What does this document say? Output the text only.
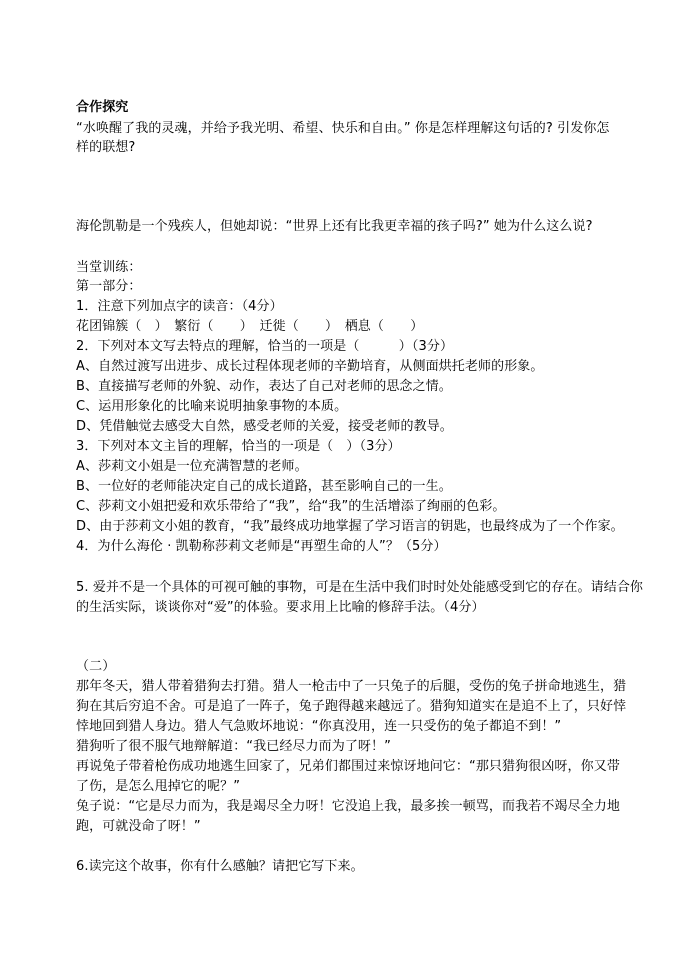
合作探究
“水唤醒了我的灵魂，并给予我光明、希望、快乐和自由。” 你是怎样理解这句话的? 引发你怎
样的联想?
海伦凯勒是一个残疾人，但她却说：“世界上还有比我更幸福的孩子吗?” 她为什么这么说?
当堂训练：
第一部分：
1．注意下列加点字的读音：（4分）
花团锦簇（　）　繁衍（　　）　迁徙（　　）　栖息（　　）
2．下列对本文写去特点的理解，恰当的一项是（　　　）（3分）
A、自然过渡写出进步、成长过程体现老师的辛勤培育，从侧面烘托老师的形象。
B、直接描写老师的外貌、动作，表达了自己对老师的思念之情。
C、运用形象化的比喻来说明抽象事物的本质。
D、凭借触觉去感受大自然，感受老师的关爱，接受老师的教导。
3．下列对本文主旨的理解，恰当的一项是（　）（3分）
A、莎莉文小姐是一位充满智慧的老师。
B、一位好的老师能决定自己的成长道路，甚至影响自己的一生。
C、莎莉文小姐把爱和欢乐带给了“我”，给“我”的生活增添了绚丽的色彩。
D、由于莎莉文小姐的教育，“我”最终成功地掌握了学习语言的钥匙，也最终成为了一个作家。
4．为什么海伦 · 凯勒称莎莉文老师是“再塑生命的人”？（5分）
5. 爱并不是一个具体的可视可触的事物，可是在生活中我们时时处处能感受到它的存在。请结合你
的生活实际，谈谈你对“爱”的体验。要求用上比喻的修辞手法。（4分）
（二）
那年冬天，猎人带着猎狗去打猎。猎人一枪击中了一只兔子的后腿，受伤的兔子拼命地逃生，猎
狗在其后穷追不舍。可是追了一阵子，兔子跑得越来越远了。猎狗知道实在是追不上了，只好悻
悻地回到猎人身边。猎人气急败坏地说：“你真没用，连一只受伤的兔子都追不到！”
猎狗听了很不服气地辩解道：“我已经尽力而为了呀！”
再说兔子带着枪伤成功地逃生回家了，兄弟们都围过来惊讶地问它：“那只猎狗很凶呀，你又带
了伤，是怎么甩掉它的呢？”
兔子说：“它是尽力而为，我是竭尽全力呀！它没追上我，最多挨一顿骂，而我若不竭尽全力地
跑，可就没命了呀！”
6.读完这个故事，你有什么感触？请把它写下来。
